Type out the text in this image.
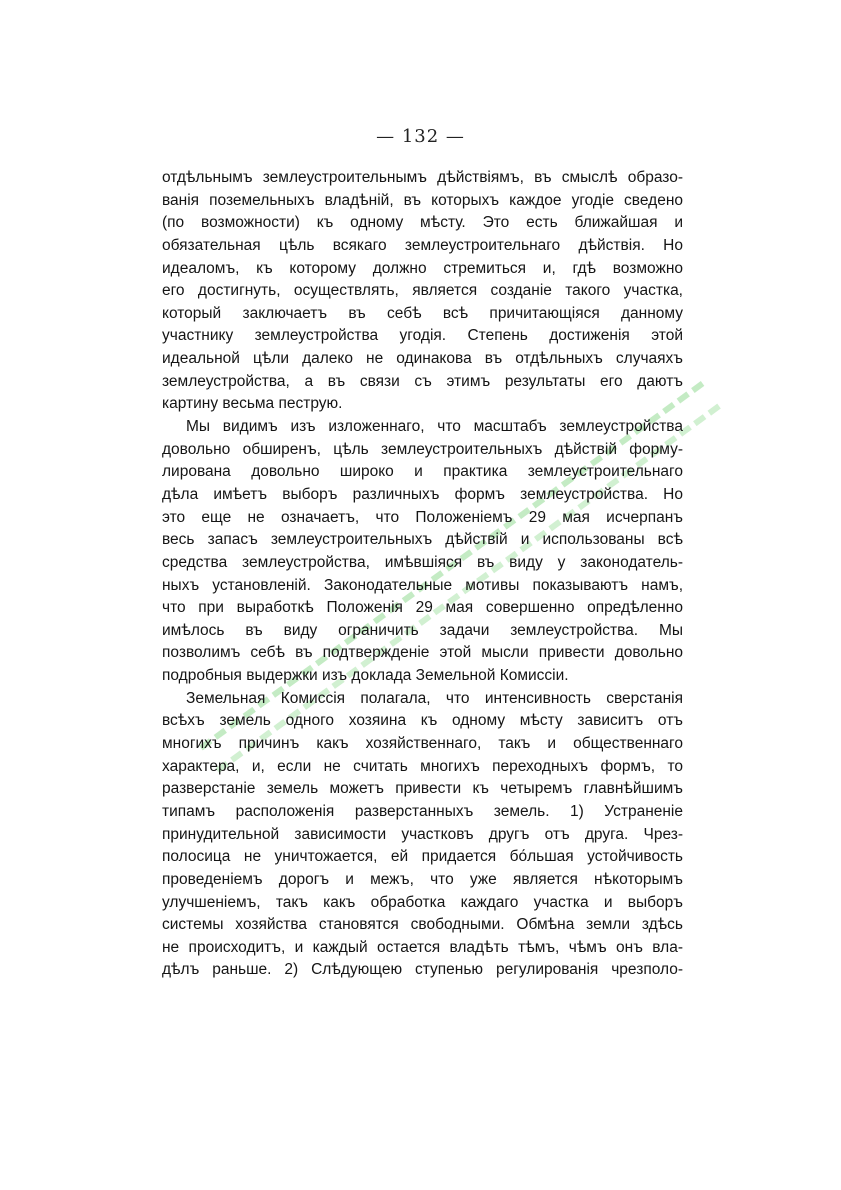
— 132 —
отдѣльнымъ землеустроительнымъ дѣйствіямъ, въ смыслѣ образо-
ванія поземельныхъ владѣній, въ которыхъ каждое угодіе сведено
(по возможности) къ одному мѣсту. Это есть ближайшая и
обязательная цѣль всякаго землеустроительнаго дѣйствія. Но
идеаломъ, къ которому должно стремиться и, гдѣ возможно
его достигнуть, осуществлять, является созданіе такого участка,
который заключаетъ въ себѣ всѣ причитающіяся данному
участнику землеустройства угодія. Степень достиженія этой
идеальной цѣли далеко не одинакова въ отдѣльныхъ случаяхъ
землеустройства, а въ связи съ этимъ результаты его даютъ
картину весьма пеструю.
Мы видимъ изъ изложеннаго, что масштабъ землеустройства
довольно обширенъ, цѣль землеустроительныхъ дѣйствій форму-
лирована довольно широко и практика землеустроительнаго
дѣла имѣетъ выборъ различныхъ формъ землеустройства. Но
это еще не означаетъ, что Положеніемъ 29 мая исчерпанъ
весь запасъ землеустроительныхъ дѣйствій и использованы всѣ
средства землеустройства, имѣвшіяся въ виду у законодатель-
ныхъ установленій. Законодательные мотивы показываютъ намъ,
что при выработкѣ Положенія 29 мая совершенно опредѣленно
имѣлось въ виду ограничить задачи землеустройства. Мы
позволимъ себѣ въ подтвержденіе этой мысли привести довольно
подробныя выдержки изъ доклада Земельной Комиссіи.
Земельная Комиссія полагала, что интенсивность сверстанія
всѣхъ земель одного хозяина къ одному мѣсту зависитъ отъ
многихъ причинъ какъ хозяйственнаго, такъ и общественнаго
характера, и, если не считать многихъ переходныхъ формъ, то
разверстаніе земель можетъ привести къ четыремъ главнѣйшимъ
типамъ расположенія разверстанныхъ земель. 1) Устраненіе
принудительной зависимости участковъ другъ отъ друга. Чрез-
полосица не уничтожается, ей придается бо́льшая устойчивость
проведеніемъ дорогъ и межъ, что уже является нѣкоторымъ
улучшеніемъ, такъ какъ обработка каждаго участка и выборъ
системы хозяйства становятся свободными. Обмѣна земли здѣсь
не происходитъ, и каждый остается владѣть тѣмъ, чѣмъ онъ вла-
дѣлъ раньше. 2) Слѣдующею ступенью регулированія чрезполо-
